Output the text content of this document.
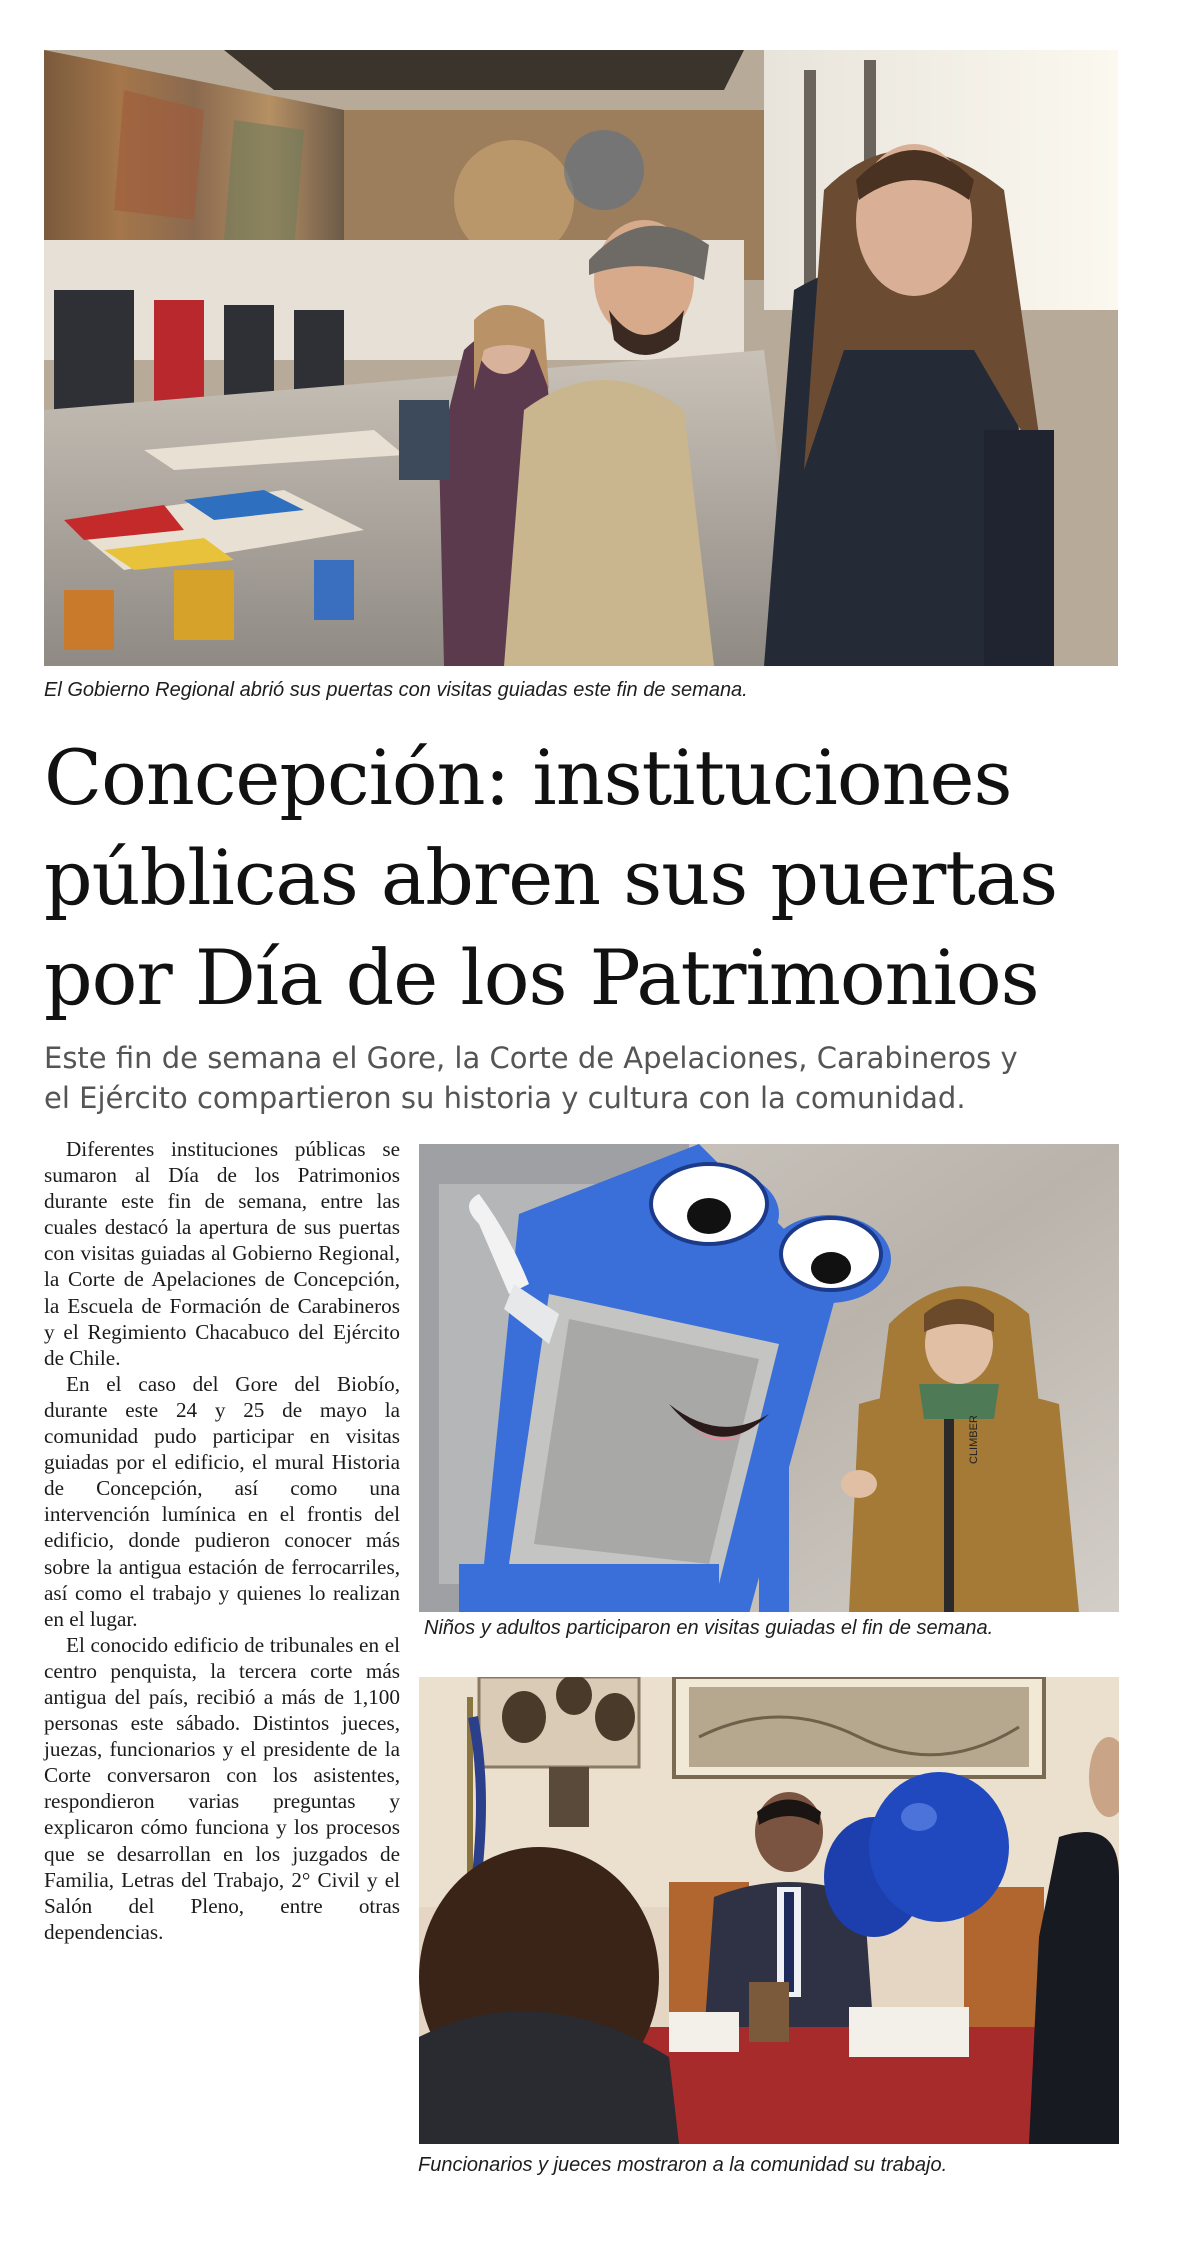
El Gobierno Regional abrió sus puertas con visitas guiadas este fin de semana.
Concepción: instituciones
públicas abren sus puertas
por Día de los Patrimonios

Este fin de semana el Gore, la Corte de Apelaciones, Carabineros y
el Ejército compartieron su historia y cultura con la comunidad.

Diferentes instituciones públicas se sumaron al Día de los Patrimonios durante este fin de semana, entre las cuales destacó la apertura de sus puertas con visitas guiadas al Gobierno Regional, la Corte de Apelaciones de Concepción, la Escuela de Formación de Carabineros y el Regimiento Chacabuco del Ejército de Chile.

En el caso del Gore del Biobío, durante este 24 y 25 de mayo la comunidad pudo participar en visitas guiadas por el edificio, el mural Historia de Concepción, así como una intervención lumínica en el frontis del edificio, donde pudieron conocer más sobre la antigua estación de ferrocarriles, así como el trabajo y quienes lo realizan en el lugar.

El conocido edificio de tribunales en el centro penquista, la tercera corte más antigua del país, recibió a más de 1,100 personas este sábado. Distintos jueces, juezas, funcionarios y el presidente de la Corte conversaron con los asistentes, respondieron varias preguntas y explicaron cómo funciona y los procesos que se desarrollan en los juzgados de Familia, Letras del Trabajo, 2° Civil y el Salón del Pleno, entre otras dependencias.

CLIMBER
Niños y adultos participaron en visitas guiadas el fin de semana.
Funcionarios y jueces mostraron a la comunidad su trabajo.
